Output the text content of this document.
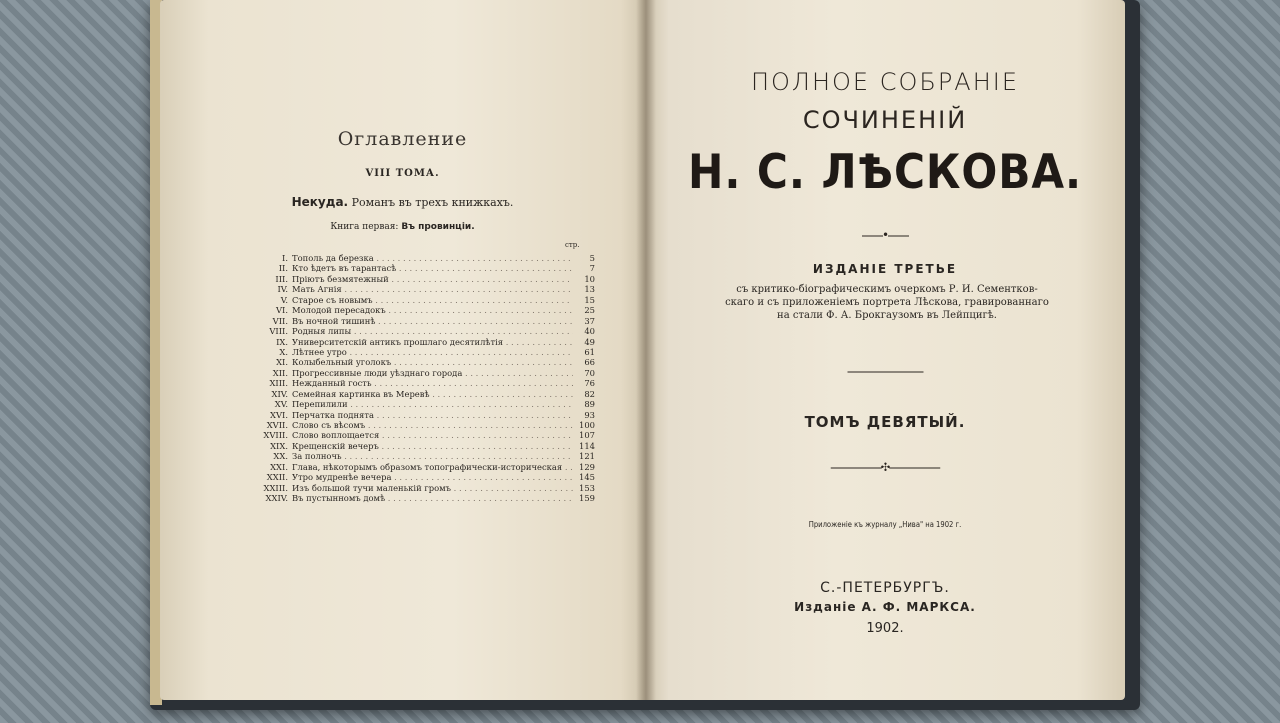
Оглавление
VIII ТОМА.
Некуда. Романъ въ трехъ книжкахъ.
Книга первая: Въ провинціи.
стр.
I. Тополь да березка . . .	5
II. Кто ѣдетъ въ тарантасѣ . . .	7
III. Пріютъ безмятежный . . .	10
IV. Мать Агнія . . .	13
V. Старое съ новымъ . . .	15
VI. Молодой пересадокъ . . .	25
VII. Въ ночной тишинѣ . . .	37
VIII. Родныя липы . . .	40
IX. Университетскій антикъ прошлаго десятилѣтія . . .	49
X. Лѣтнее утро . . .	61
XI. Колыбельный уголокъ . . .	66
XII. Прогрессивные люди уѣзднаго города . . .	70
XIII. Нежданный гость . . .	76
XIV. Семейная картинка въ Меревѣ . . .	82
XV. Перепилили . . .	89
XVI. Перчатка поднята . . .	93
XVII. Слово съ вѣсомъ . . .	100
XVIII. Слово воплощается . . .	107
XIX. Крещенскій вечеръ . . .	114
XX. За полночь . . .	121
XXI. Глава, нѣкоторымъ образомъ топографически-историческая . . .	129
XXII. Утро мудренѣе вечера . . .	145
XXIII. Изъ большой тучи маленькій громъ . . .	153
XXIV. Въ пустынномъ домѣ . . .	159
ПОЛНОЕ СОБРАНІЕ
СОЧИНЕНІЙ
Н. С. ЛѢСКОВА.
⎯⎯⎯⎯•⎯⎯⎯⎯
ИЗДАНІЕ ТРЕТЬЕ
съ критико-біографическимъ очеркомъ Р. И. Сементков-
скаго и съ приложеніемъ портрета Лѣскова, гравированнаго
на стали Ф. А. Брокгаузомъ въ Лейпцигѣ.
⎯⎯⎯⎯⎯⎯⎯⎯⎯⎯⎯⎯⎯⎯⎯
ТОМЪ ДЕВЯТЫЙ.
⎯⎯⎯⎯⎯⎯⎯⎯⎯⎯✣⎯⎯⎯⎯⎯⎯⎯⎯⎯⎯
Приложеніе къ журналу „Нива" на 1902 г.
С.-ПЕТЕРБУРГЪ.
Изданіе А. Ф. МАРКСА.
1902.
